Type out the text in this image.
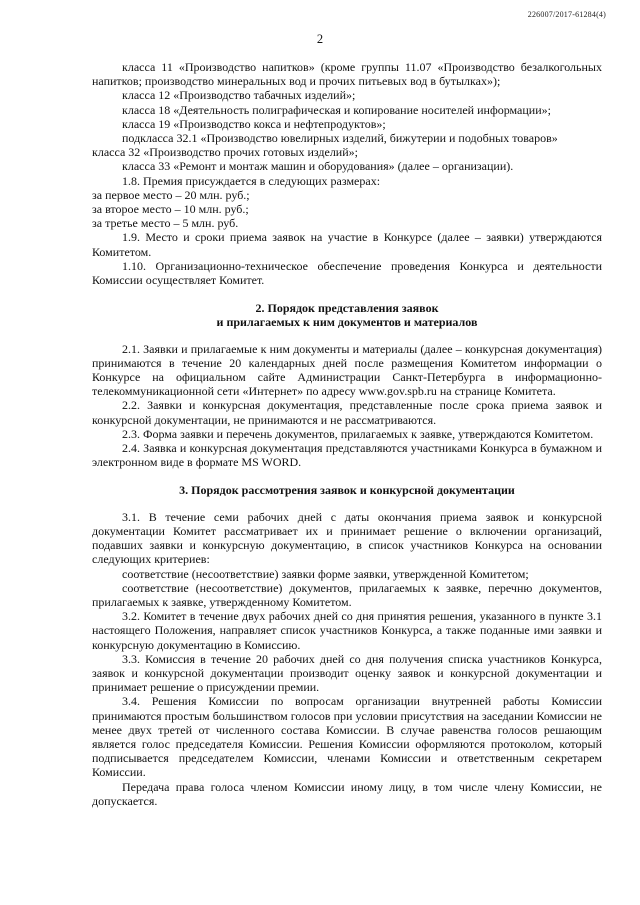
226007/2017-61284(4)
2

класса 11 «Производство напитков» (кроме группы 11.07 «Производство безалкогольных напитков; производство минеральных вод и прочих питьевых вод в бутылках»);

класса 12 «Производство табачных изделий»;

класса 18 «Деятельность полиграфическая и копирование носителей информации»;

класса 19 «Производство кокса и нефтепродуктов»;

подкласса 32.1 «Производство ювелирных изделий, бижутерии и подобных товаров»

класса 32 «Производство прочих готовых изделий»;

класса 33 «Ремонт и монтаж машин и оборудования» (далее – организации).

1.8. Премия присуждается в следующих размерах:

за первое место – 20 млн. руб.;

за второе место – 10 млн. руб.;

за третье место – 5 млн. руб.

1.9. Место и сроки приема заявок на участие в Конкурсе (далее – заявки) утверждаются Комитетом.

1.10. Организационно-техническое обеспечение проведения Конкурса и деятельности Комиссии осуществляет Комитет.

2. Порядок представления заявок

и прилагаемых к ним документов и материалов

2.1. Заявки и прилагаемые к ним документы и материалы (далее – конкурсная документация) принимаются в течение 20 календарных дней после размещения Комитетом информации о Конкурсе на официальном сайте Администрации Санкт-Петербурга в информационно-телекоммуникационной сети «Интернет» по адресу www.gov.spb.ru на странице Комитета.

2.2. Заявки и конкурсная документация, представленные после срока приема заявок и конкурсной документации, не принимаются и не рассматриваются.

2.3. Форма заявки и перечень документов, прилагаемых к заявке, утверждаются Комитетом.

2.4. Заявка и конкурсная документация представляются участниками Конкурса в бумажном и электронном виде в формате MS WORD.

3. Порядок рассмотрения заявок и конкурсной документации

3.1. В течение семи рабочих дней с даты окончания приема заявок и конкурсной документации Комитет рассматривает их и принимает решение о включении организаций, подавших заявки и конкурсную документацию, в список участников Конкурса на основании следующих критериев:

соответствие (несоответствие) заявки форме заявки, утвержденной Комитетом;

соответствие (несоответствие) документов, прилагаемых к заявке, перечню документов, прилагаемых к заявке, утвержденному Комитетом.

3.2. Комитет в течение двух рабочих дней со дня принятия решения, указанного в пункте 3.1 настоящего Положения, направляет список участников Конкурса, а также поданные ими заявки и конкурсную документацию в Комиссию.

3.3. Комиссия в течение 20 рабочих дней со дня получения списка участников Конкурса, заявок и конкурсной документации производит оценку заявок и конкурсной документации и принимает решение о присуждении премии.

3.4. Решения Комиссии по вопросам организации внутренней работы Комиссии принимаются простым большинством голосов при условии присутствия на заседании Комиссии не менее двух третей от численного состава Комиссии. В случае равенства голосов решающим является голос председателя Комиссии. Решения Комиссии оформляются протоколом, который подписывается председателем Комиссии, членами Комиссии и ответственным секретарем Комиссии.

Передача права голоса членом Комиссии иному лицу, в том числе члену Комиссии, не допускается.
